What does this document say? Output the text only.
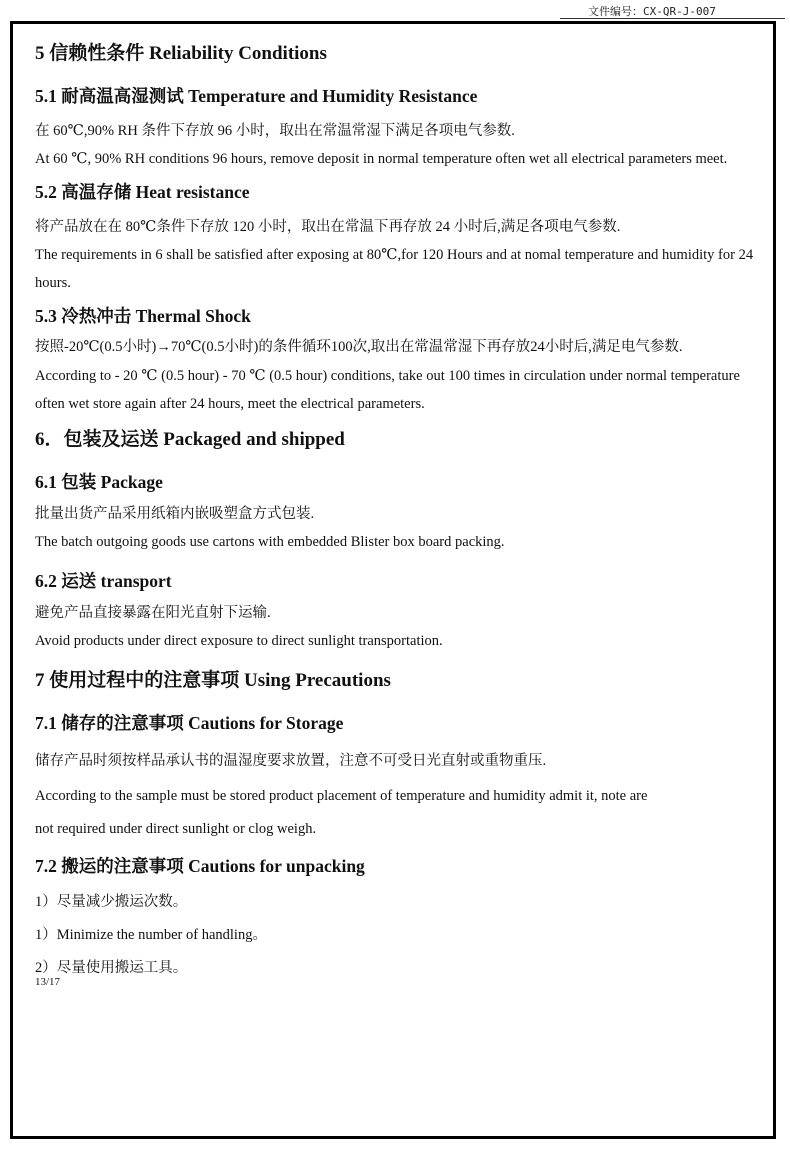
文件编号：CX-QR-J-007
5 信赖性条件 Reliability Conditions
5.1 耐高温高湿测试 Temperature and Humidity Resistance

在 60℃,90% RH 条件下存放 96 小时，取出在常温常湿下满足各项电气参数.

At 60 ℃, 90% RH conditions 96 hours, remove deposit in normal temperature often wet all electrical parameters meet.

5.2 高温存储 Heat resistance

将产品放在在 80℃条件下存放 120 小时，取出在常温下再存放 24 小时后,满足各项电气参数.

The requirements in 6 shall be satisfied after exposing at 80℃,for 120 Hours and at nomal temperature and humidity for 24 hours.

5.3 冷热冲击 Thermal Shock

按照-20℃(0.5小时)→70℃(0.5小时)的条件循环100次,取出在常温常湿下再存放24小时后,满足电气参数.

According to - 20 ℃ (0.5 hour) - 70 ℃ (0.5 hour) conditions, take out 100 times in circulation under normal temperature often wet store again after 24 hours, meet the electrical parameters.

6．包装及运送 Packaged and shipped
6.1 包装 Package

批量出货产品采用纸箱内嵌吸塑盒方式包装.

The batch outgoing goods use cartons with embedded Blister box board packing.

6.2 运送 transport

避免产品直接暴露在阳光直射下运输.

Avoid products under direct exposure to direct sunlight transportation.

7 使用过程中的注意事项 Using Precautions
7.1 储存的注意事项 Cautions for Storage

储存产品时须按样品承认书的温湿度要求放置，注意不可受日光直射或重物重压.

According to the sample must be stored product placement of temperature and humidity admit it, note are

not required under direct sunlight or clog weigh.

7.2 搬运的注意事项 Cautions for unpacking

1）尽量减少搬运次数。

1）Minimize the number of handling。

2）尽量使用搬运工具。

13/17
